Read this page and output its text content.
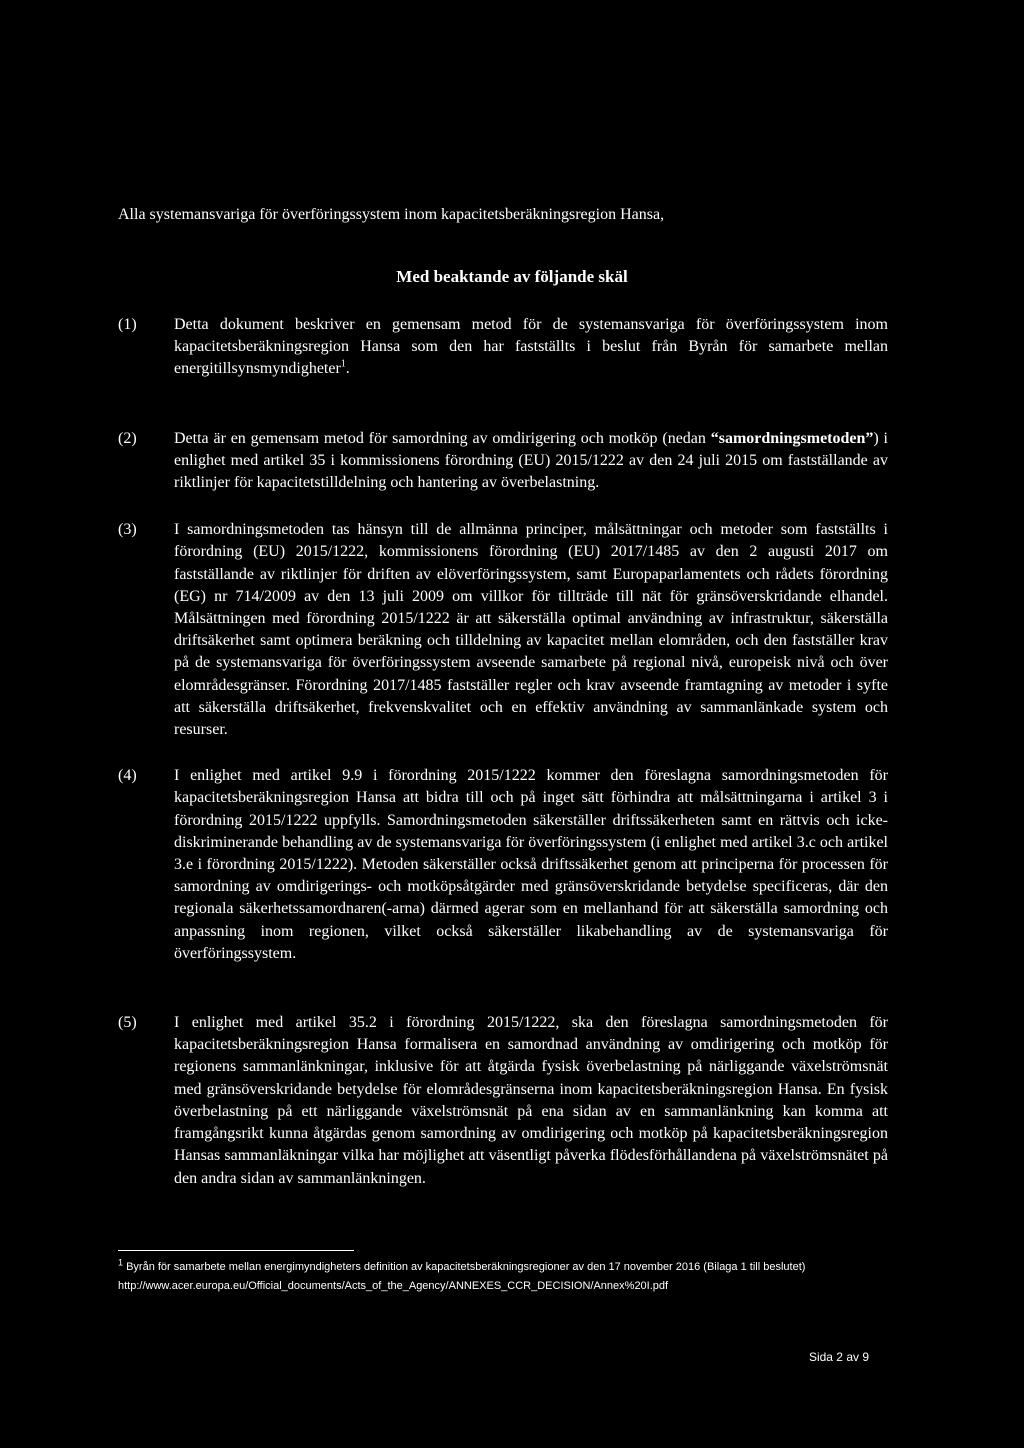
Alla systemansvariga för överföringssystem inom kapacitetsberäkningsregion Hansa,
Med beaktande av följande skäl
(1)	Detta dokument beskriver en gemensam metod för de systemansvariga för överföringssystem inom kapacitetsberäkningsregion Hansa som den har fastställts i beslut från Byrån för samarbete mellan energitillsynsmyndigheter$^1$.
(2)	Detta är en gemensam metod för samordning av omdirigering och motköp (nedan “samordningsmetoden”) i enlighet med artikel 35 i kommissionens förordning (EU) 2015/1222 av den 24 juli 2015 om fastställande av riktlinjer för kapacitetstilldelning och hantering av överbelastning.
(3)	I samordningsmetoden tas hänsyn till de allmänna principer, målsättningar och metoder som fastställts i förordning (EU) 2015/1222, kommissionens förordning (EU) 2017/1485 av den 2 augusti 2017 om fastställande av riktlinjer för driften av elöverföringssystem, samt Europaparlamentets och rådets förordning (EG) nr 714/2009 av den 13 juli 2009 om villkor för tillträde till nät för gränsöverskridande elhandel. Målsättningen med förordning 2015/1222 är att säkerställa optimal användning av infrastruktur, säkerställa driftsäkerhet samt optimera beräkning och tilldelning av kapacitet mellan elområden, och den fastställer krav på de systemansvariga för överföringssystem avseende samarbete på regional nivå, europeisk nivå och över elområdesgränser. Förordning 2017/1485 fastställer regler och krav avseende framtagning av metoder i syfte att säkerställa driftsäkerhet, frekvenskvalitet och en effektiv användning av sammanlänkade system och resurser.
(4)	I enlighet med artikel 9.9 i förordning 2015/1222 kommer den föreslagna samordningsmetoden för kapacitetsberäkningsregion Hansa att bidra till och på inget sätt förhindra att målsättningarna i artikel 3 i förordning 2015/1222 uppfylls. Samordningsmetoden säkerställer driftssäkerheten samt en rättvis och icke-diskriminerande behandling av de systemansvariga för överföringssystem (i enlighet med artikel 3.c och artikel 3.e i förordning 2015/1222). Metoden säkerställer också driftssäkerhet genom att principerna för processen för samordning av omdirigerings- och motköpsåtgärder med gränsöverskridande betydelse specificeras, där den regionala säkerhetssamordnaren(-arna) därmed agerar som en mellanhand för att säkerställa samordning och anpassning inom regionen, vilket också säkerställer likabehandling av de systemansvariga för överföringssystem.
(5)	I enlighet med artikel 35.2 i förordning 2015/1222, ska den föreslagna samordningsmetoden för kapacitetsberäkningsregion Hansa formalisera en samordnad användning av omdirigering och motköp för regionens sammanlänkningar, inklusive för att åtgärda fysisk överbelastning på närliggande växelströmsnät med gränsöverskridande betydelse för elområdesgränserna inom kapacitetsberäkningsregion Hansa. En fysisk överbelastning på ett närliggande växelströmsnät på ena sidan av en sammanlänkning kan komma att framgångsrikt kunna åtgärdas genom samordning av omdirigering och motköp på kapacitetsberäkningsregion Hansas sammanläkningar vilka har möjlighet att väsentligt påverka flödesförhållandena på växelströmsnätet på den andra sidan av sammanlänkningen.
$^1$ Byrån för samarbete mellan energimyndigheters definition av kapacitetsberäkningsregioner av den 17 november 2016 (Bilaga 1 till beslutet)
http://www.acer.europa.eu/Official_documents/Acts_of_the_Agency/ANNEXES_CCR_DECISION/Annex%20I.pdf
Sida 2 av 9
